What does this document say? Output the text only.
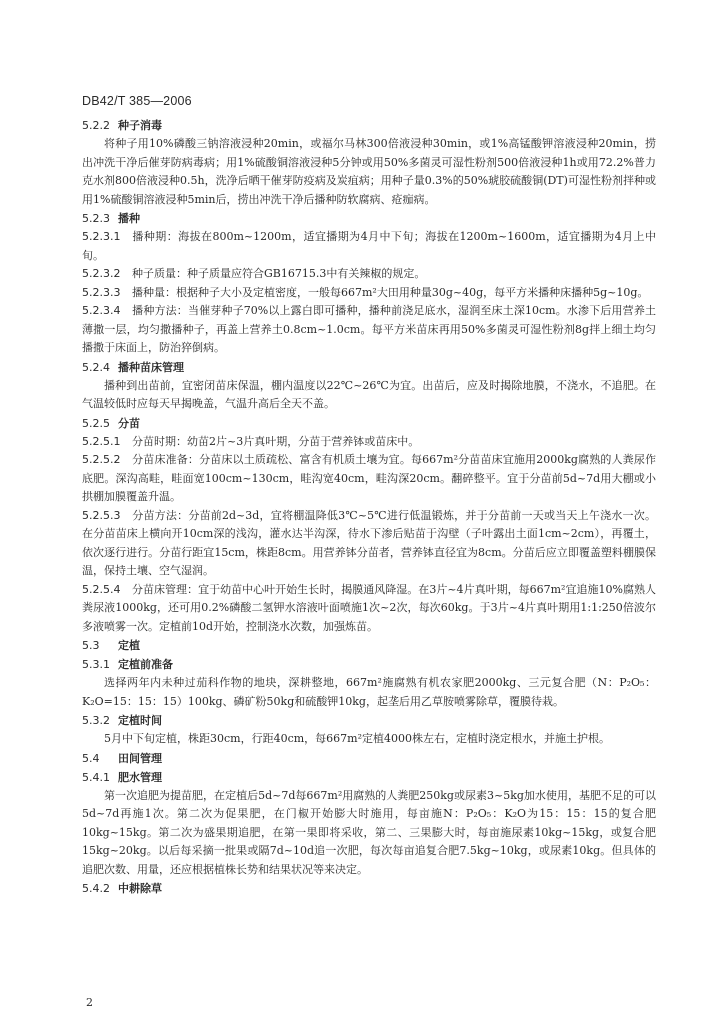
DB42/T 385—2006
5.2.2 种子消毒

将种子用10%磷酸三钠溶液浸种20min，或福尔马林300倍液浸种30min，或1%高锰酸钾溶液浸种20min，捞出冲洗干净后催芽防病毒病；用1%硫酸铜溶液浸种5分钟或用50%多菌灵可湿性粉剂500倍液浸种1h或用72.2%普力克水剂800倍液浸种0.5h，洗净后晒干催芽防疫病及炭疽病；用种子量0.3%的50%琥胶硫酸铜(DT)可湿性粉剂拌种或用1%硫酸铜溶液浸种5min后，捞出冲洗干净后播种防软腐病、疮痂病。

5.2.3 播种

5.2.3.1 播种期：海拔在800m~1200m，适宜播期为4月中下旬；海拔在1200m~1600m，适宜播期为4月上中旬。

5.2.3.2 种子质量：种子质量应符合GB16715.3中有关辣椒的规定。

5.2.3.3 播种量：根据种子大小及定植密度，一般每667m²大田用种量30g~40g，每平方米播种床播种5g~10g。

5.2.3.4 播种方法：当催芽种子70%以上露白即可播种，播种前浇足底水，湿润至床土深10cm。水渗下后用营养土薄撒一层，均匀撒播种子，再盖上营养土0.8cm~1.0cm。每平方米苗床再用50%多菌灵可湿性粉剂8g拌上细土均匀播撒于床面上，防治猝倒病。

5.2.4 播种苗床管理

播种到出苗前，宜密闭苗床保温，棚内温度以22℃~26℃为宜。出苗后，应及时揭除地膜，不浇水，不追肥。在气温较低时应每天早揭晚盖，气温升高后全天不盖。

5.2.5 分苗

5.2.5.1 分苗时期：幼苗2片~3片真叶期，分苗于营养钵或苗床中。

5.2.5.2 分苗床准备：分苗床以土质疏松、富含有机质土壤为宜。每667m²分苗苗床宜施用2000kg腐熟的人粪尿作底肥。深沟高畦，畦面宽100cm~130cm，畦沟宽40cm，畦沟深20cm。翻碎整平。宜于分苗前5d~7d用大棚或小拱棚加膜覆盖升温。

5.2.5.3 分苗方法：分苗前2d~3d，宜将棚温降低3℃~5℃进行低温锻炼，并于分苗前一天或当天上午浇水一次。在分苗苗床上横向开10cm深的浅沟，灌水达半沟深，待水下渗后贴苗于沟壁（子叶露出土面1cm~2cm），再覆土，依次逐行进行。分苗行距宜15cm，株距8cm。用营养钵分苗者，营养钵直径宜为8cm。分苗后应立即覆盖塑料棚膜保温，保持土壤、空气湿润。

5.2.5.4 分苗床管理：宜于幼苗中心叶开始生长时，揭膜通风降湿。在3片~4片真叶期，每667m²宜追施10%腐熟人粪尿液1000kg，还可用0.2%磷酸二氢钾水溶液叶面喷施1次~2次，每次60kg。于3片~4片真叶期用1:1:250倍波尔多液喷雾一次。定植前10d开始，控制浇水次数，加强炼苗。

5.3 定植
5.3.1 定植前准备

选择两年内未种过茄科作物的地块，深耕整地，667m²施腐熟有机农家肥2000kg、三元复合肥（N：P₂O₅：K₂O=15：15：15）100kg、磷矿粉50kg和硫酸钾10kg，起垄后用乙草胺喷雾除草，覆膜待栽。

5.3.2 定植时间

5月中下旬定植，株距30cm，行距40cm，每667m²定植4000株左右，定植时浇定根水，并施土护根。

5.4 田间管理
5.4.1 肥水管理

第一次追肥为提苗肥，在定植后5d~7d每667m²用腐熟的人粪肥250kg或尿素3~5kg加水使用，基肥不足的可以5d~7d再施1次。第二次为促果肥，在门椒开始膨大时施用，每亩施N：P₂O₅：K₂O为15：15：15的复合肥10kg~15kg。第二次为盛果期追肥，在第一果即将采收，第二、三果膨大时，每亩施尿素10kg~15kg，或复合肥15kg~20kg。以后每采摘一批果或隔7d~10d追一次肥，每次每亩追复合肥7.5kg~10kg，或尿素10kg。但具体的追肥次数、用量，还应根据植株长势和结果状况等来决定。

5.4.2 中耕除草
2
